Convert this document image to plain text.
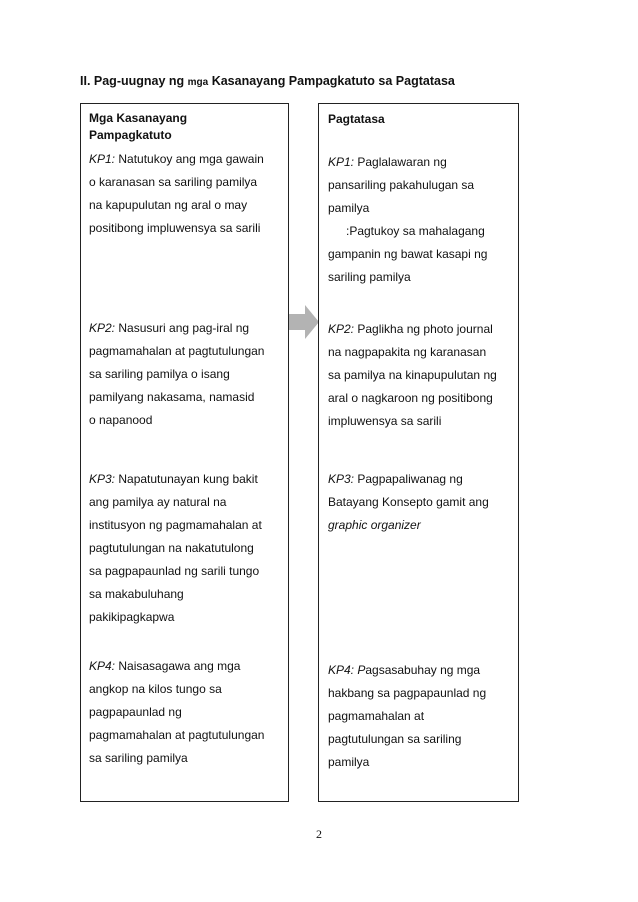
II. Pag-uugnay ng mga Kasanayang Pampagkatuto sa Pagtatasa
Mga Kasanayang
Pampagkatuto
KP1: Natutukoy ang mga gawain
o karanasan sa sariling pamilya
na kapupulutan ng aral o may
positibong impluwensya sa sarili
KP2: Nasusuri ang pag-iral ng
pagmamahalan at pagtutulungan
sa sariling pamilya o isang
pamilyang nakasama, namasid
o napanood
KP3: Napatutunayan kung bakit
ang pamilya ay natural na
institusyon ng pagmamahalan at
pagtutulungan na nakatutulong
sa pagpapaunlad ng sarili tungo
sa makabuluhang
pakikipagkapwa
KP4: Naisasagawa ang mga
angkop na kilos tungo sa
pagpapaunlad ng
pagmamahalan at pagtutulungan
sa sariling pamilya
Pagtatasa
KP1: Paglalawaran ng
pansariling pakahulugan sa
pamilya
:Pagtukoy sa mahalagang
gampanin ng bawat kasapi ng
sariling pamilya
KP2: Paglikha ng photo journal
na nagpapakita ng karanasan
sa pamilya na kinapupulutan ng
aral o nagkaroon ng positibong
impluwensya sa sarili
KP3: Pagpapaliwanag ng
Batayang Konsepto gamit ang
graphic organizer
KP4: Pagsasabuhay ng mga
hakbang sa pagpapaunlad ng
pagmamahalan at
pagtutulungan sa sariling
pamilya
2
